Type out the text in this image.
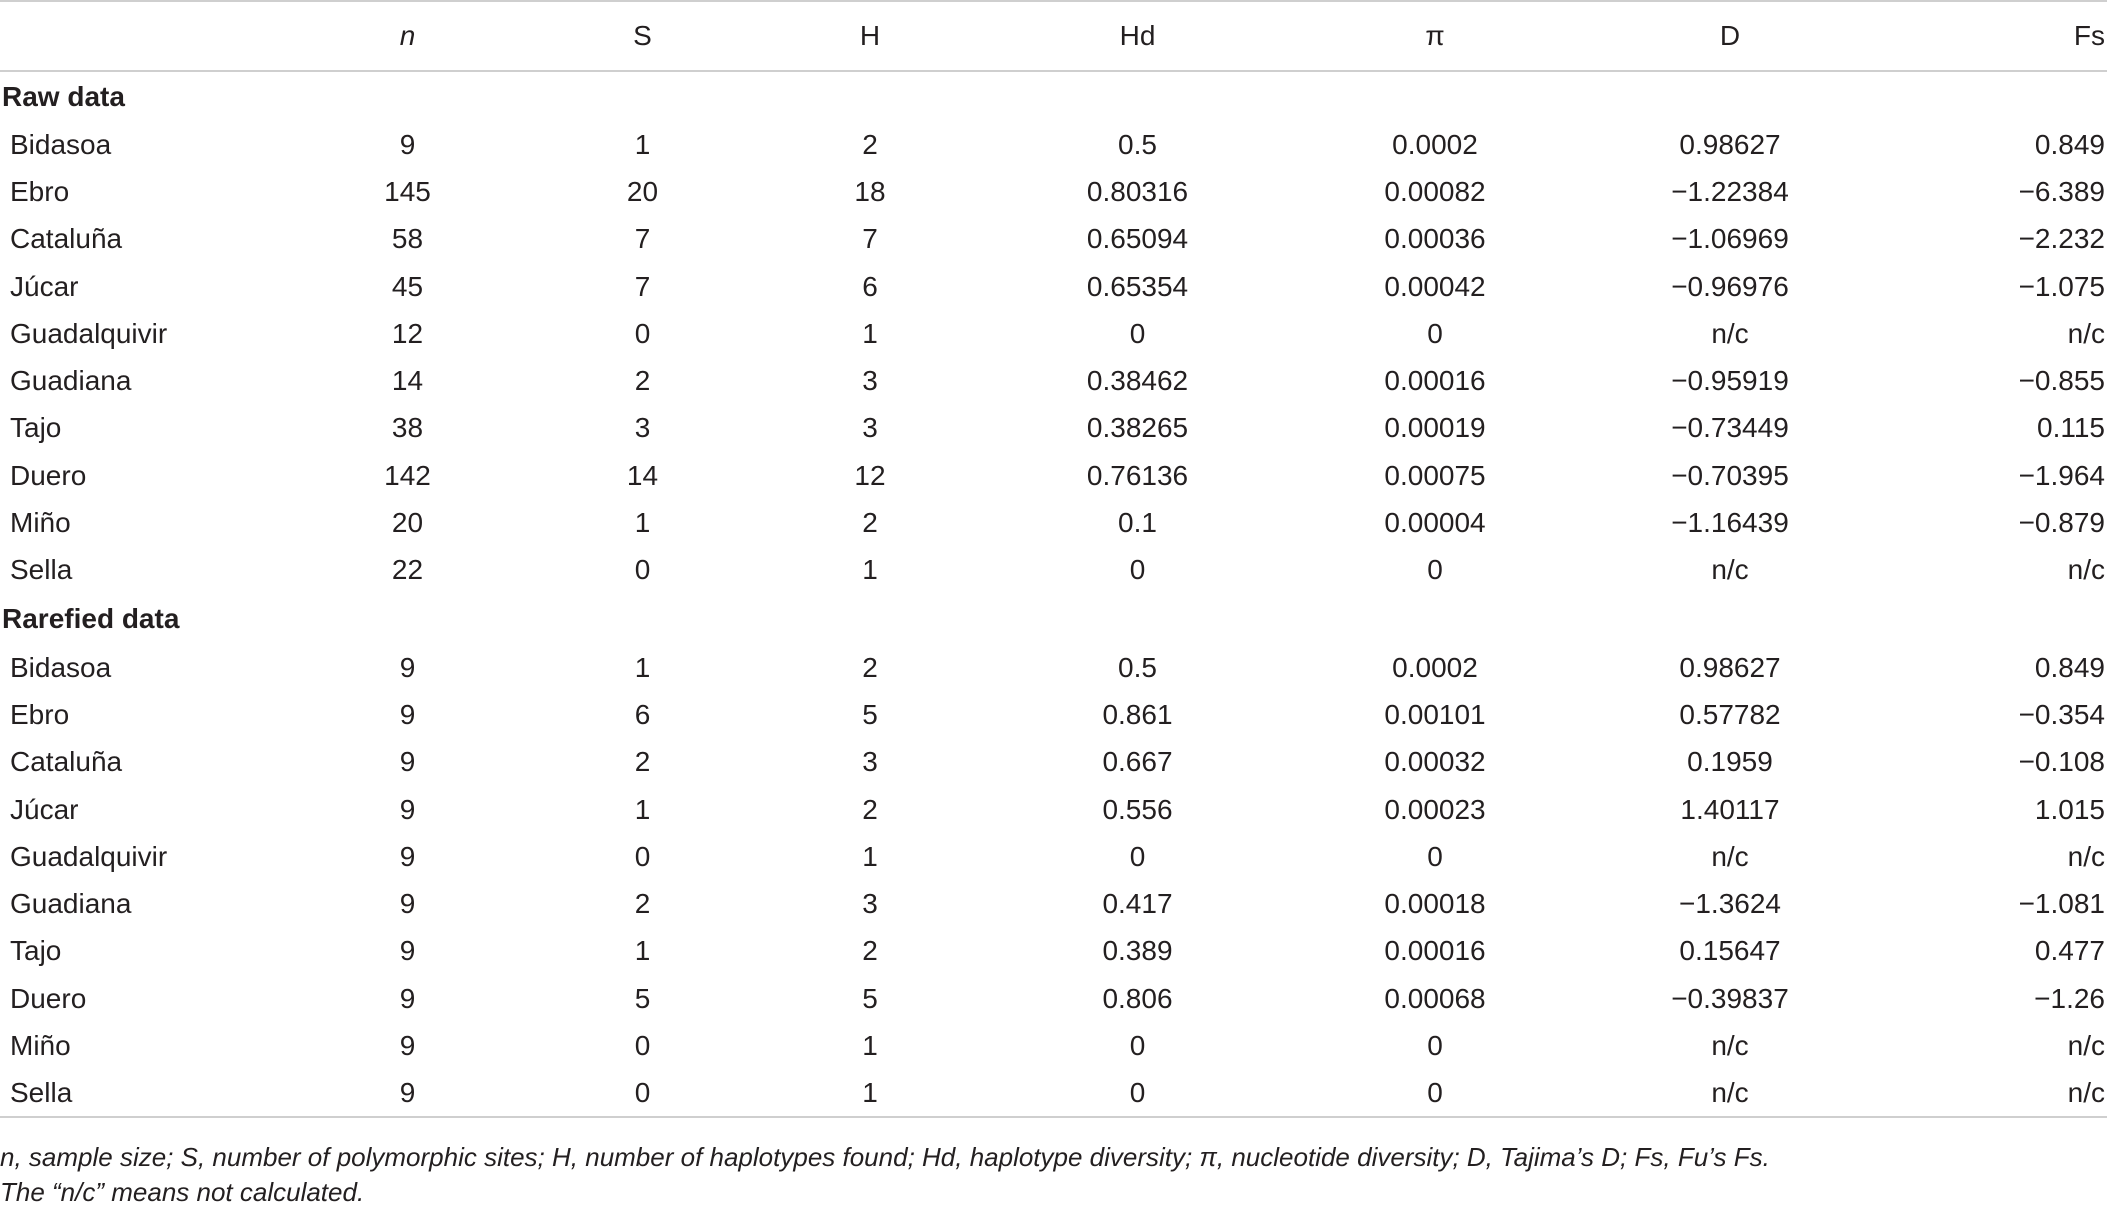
	n	S	H	Hd	π	D	Fs
Raw data							
Bidasoa	9	1	2	0.5	0.0002	0.98627	0.849
Ebro	145	20	18	0.80316	0.00082	−1.22384	−6.389
Cataluña	58	7	7	0.65094	0.00036	−1.06969	−2.232
Júcar	45	7	6	0.65354	0.00042	−0.96976	−1.075
Guadalquivir	12	0	1	0	0	n/c	n/c
Guadiana	14	2	3	0.38462	0.00016	−0.95919	−0.855
Tajo	38	3	3	0.38265	0.00019	−0.73449	0.115
Duero	142	14	12	0.76136	0.00075	−0.70395	−1.964
Miño	20	1	2	0.1	0.00004	−1.16439	−0.879
Sella	22	0	1	0	0	n/c	n/c
Rarefied data							
Bidasoa	9	1	2	0.5	0.0002	0.98627	0.849
Ebro	9	6	5	0.861	0.00101	0.57782	−0.354
Cataluña	9	2	3	0.667	0.00032	0.1959	−0.108
Júcar	9	1	2	0.556	0.00023	1.40117	1.015
Guadalquivir	9	0	1	0	0	n/c	n/c
Guadiana	9	2	3	0.417	0.00018	−1.3624	−1.081
Tajo	9	1	2	0.389	0.00016	0.15647	0.477
Duero	9	5	5	0.806	0.00068	−0.39837	−1.26
Miño	9	0	1	0	0	n/c	n/c
Sella	9	0	1	0	0	n/c	n/c

n, sample size; S, number of polymorphic sites; H, number of haplotypes found; Hd, haplotype diversity; π, nucleotide diversity; D, Tajima’s D; Fs, Fu’s Fs.

The “n/c” means not calculated.
